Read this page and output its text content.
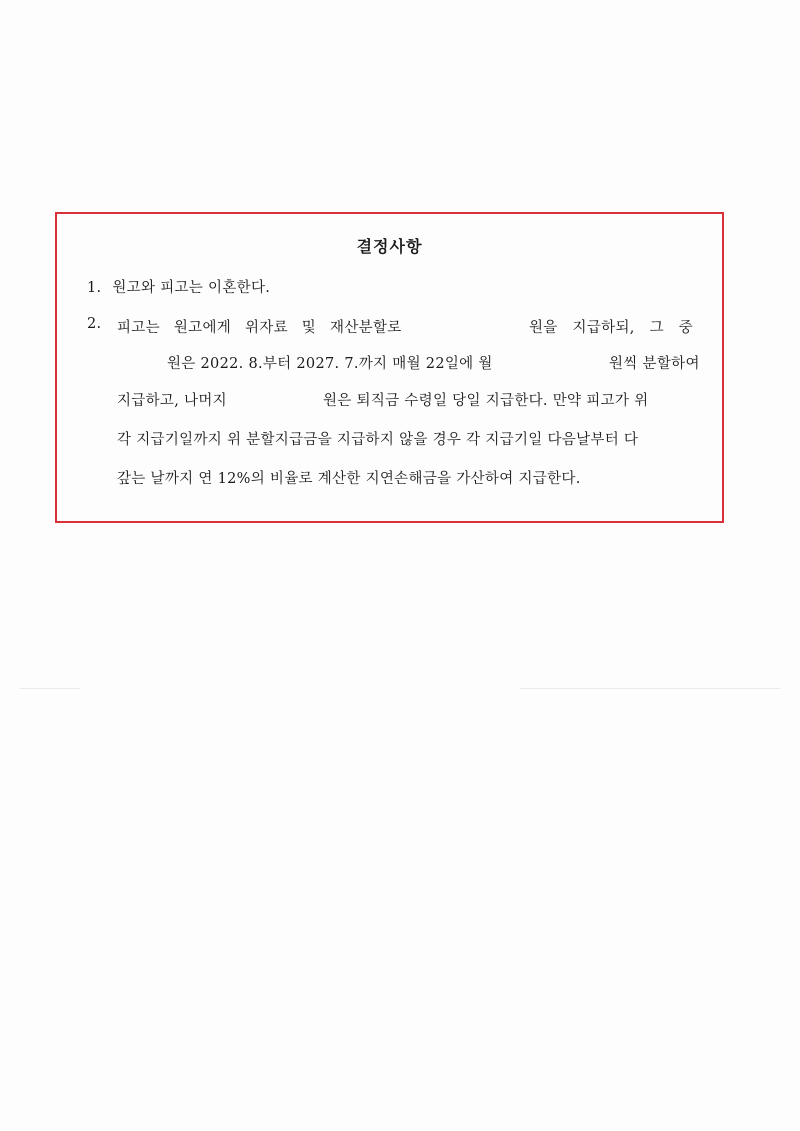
결정사항
1. 원고와 피고는 이혼한다.
2. 피고는 원고에게 위자료 및 재산분할로	원을 지급하되, 그 중
원은 2022. 8.부터 2027. 7.까지 매월 22일에 월	원씩 분할하여
지급하고, 나머지	원은 퇴직금 수령일 당일 지급한다. 만약 피고가 위
각 지급기일까지 위 분할지급금을 지급하지 않을 경우 각 지급기일 다음날부터 다
갚는 날까지 연 12%의 비율로 계산한 지연손해금을 가산하여 지급한다.
